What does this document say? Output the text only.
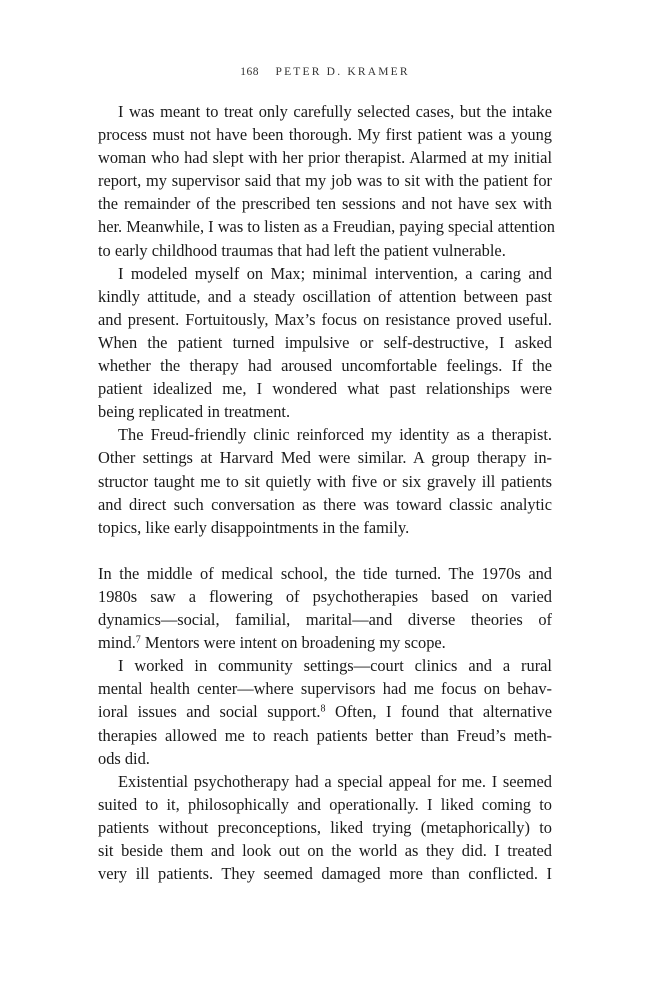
168 PETER D. KRAMER
I was meant to treat only carefully selected cases, but the intake
process must not have been thorough. My first patient was a young
woman who had slept with her prior therapist. Alarmed at my initial
report, my supervisor said that my job was to sit with the patient for
the remainder of the prescribed ten sessions and not have sex with
her. Meanwhile, I was to listen as a Freudian, paying special attention
to early childhood traumas that had left the patient vulnerable.
I modeled myself on Max; minimal intervention, a caring and
kindly attitude, and a steady oscillation of attention between past
and present. Fortuitously, Max’s focus on resistance proved useful.
When the patient turned impulsive or self-destructive, I asked
whether the therapy had aroused uncomfortable feelings. If the
patient idealized me, I wondered what past relationships were
being replicated in treatment.
The Freud-friendly clinic reinforced my identity as a therapist.
Other settings at Harvard Med were similar. A group therapy in-
structor taught me to sit quietly with five or six gravely ill patients
and direct such conversation as there was toward classic analytic
topics, like early disappointments in the family.
In the middle of medical school, the tide turned. The 1970s and
1980s saw a flowering of psychotherapies based on varied
dynamics—social, familial, marital—and diverse theories of
mind.$^7$ Mentors were intent on broadening my scope.
I worked in community settings—court clinics and a rural
mental health center—where supervisors had me focus on behav-
ioral issues and social support.$^8$ Often, I found that alternative
therapies allowed me to reach patients better than Freud’s meth-
ods did.
Existential psychotherapy had a special appeal for me. I seemed
suited to it, philosophically and operationally. I liked coming to
patients without preconceptions, liked trying (metaphorically) to
sit beside them and look out on the world as they did. I treated
very ill patients. They seemed damaged more than conflicted. I
